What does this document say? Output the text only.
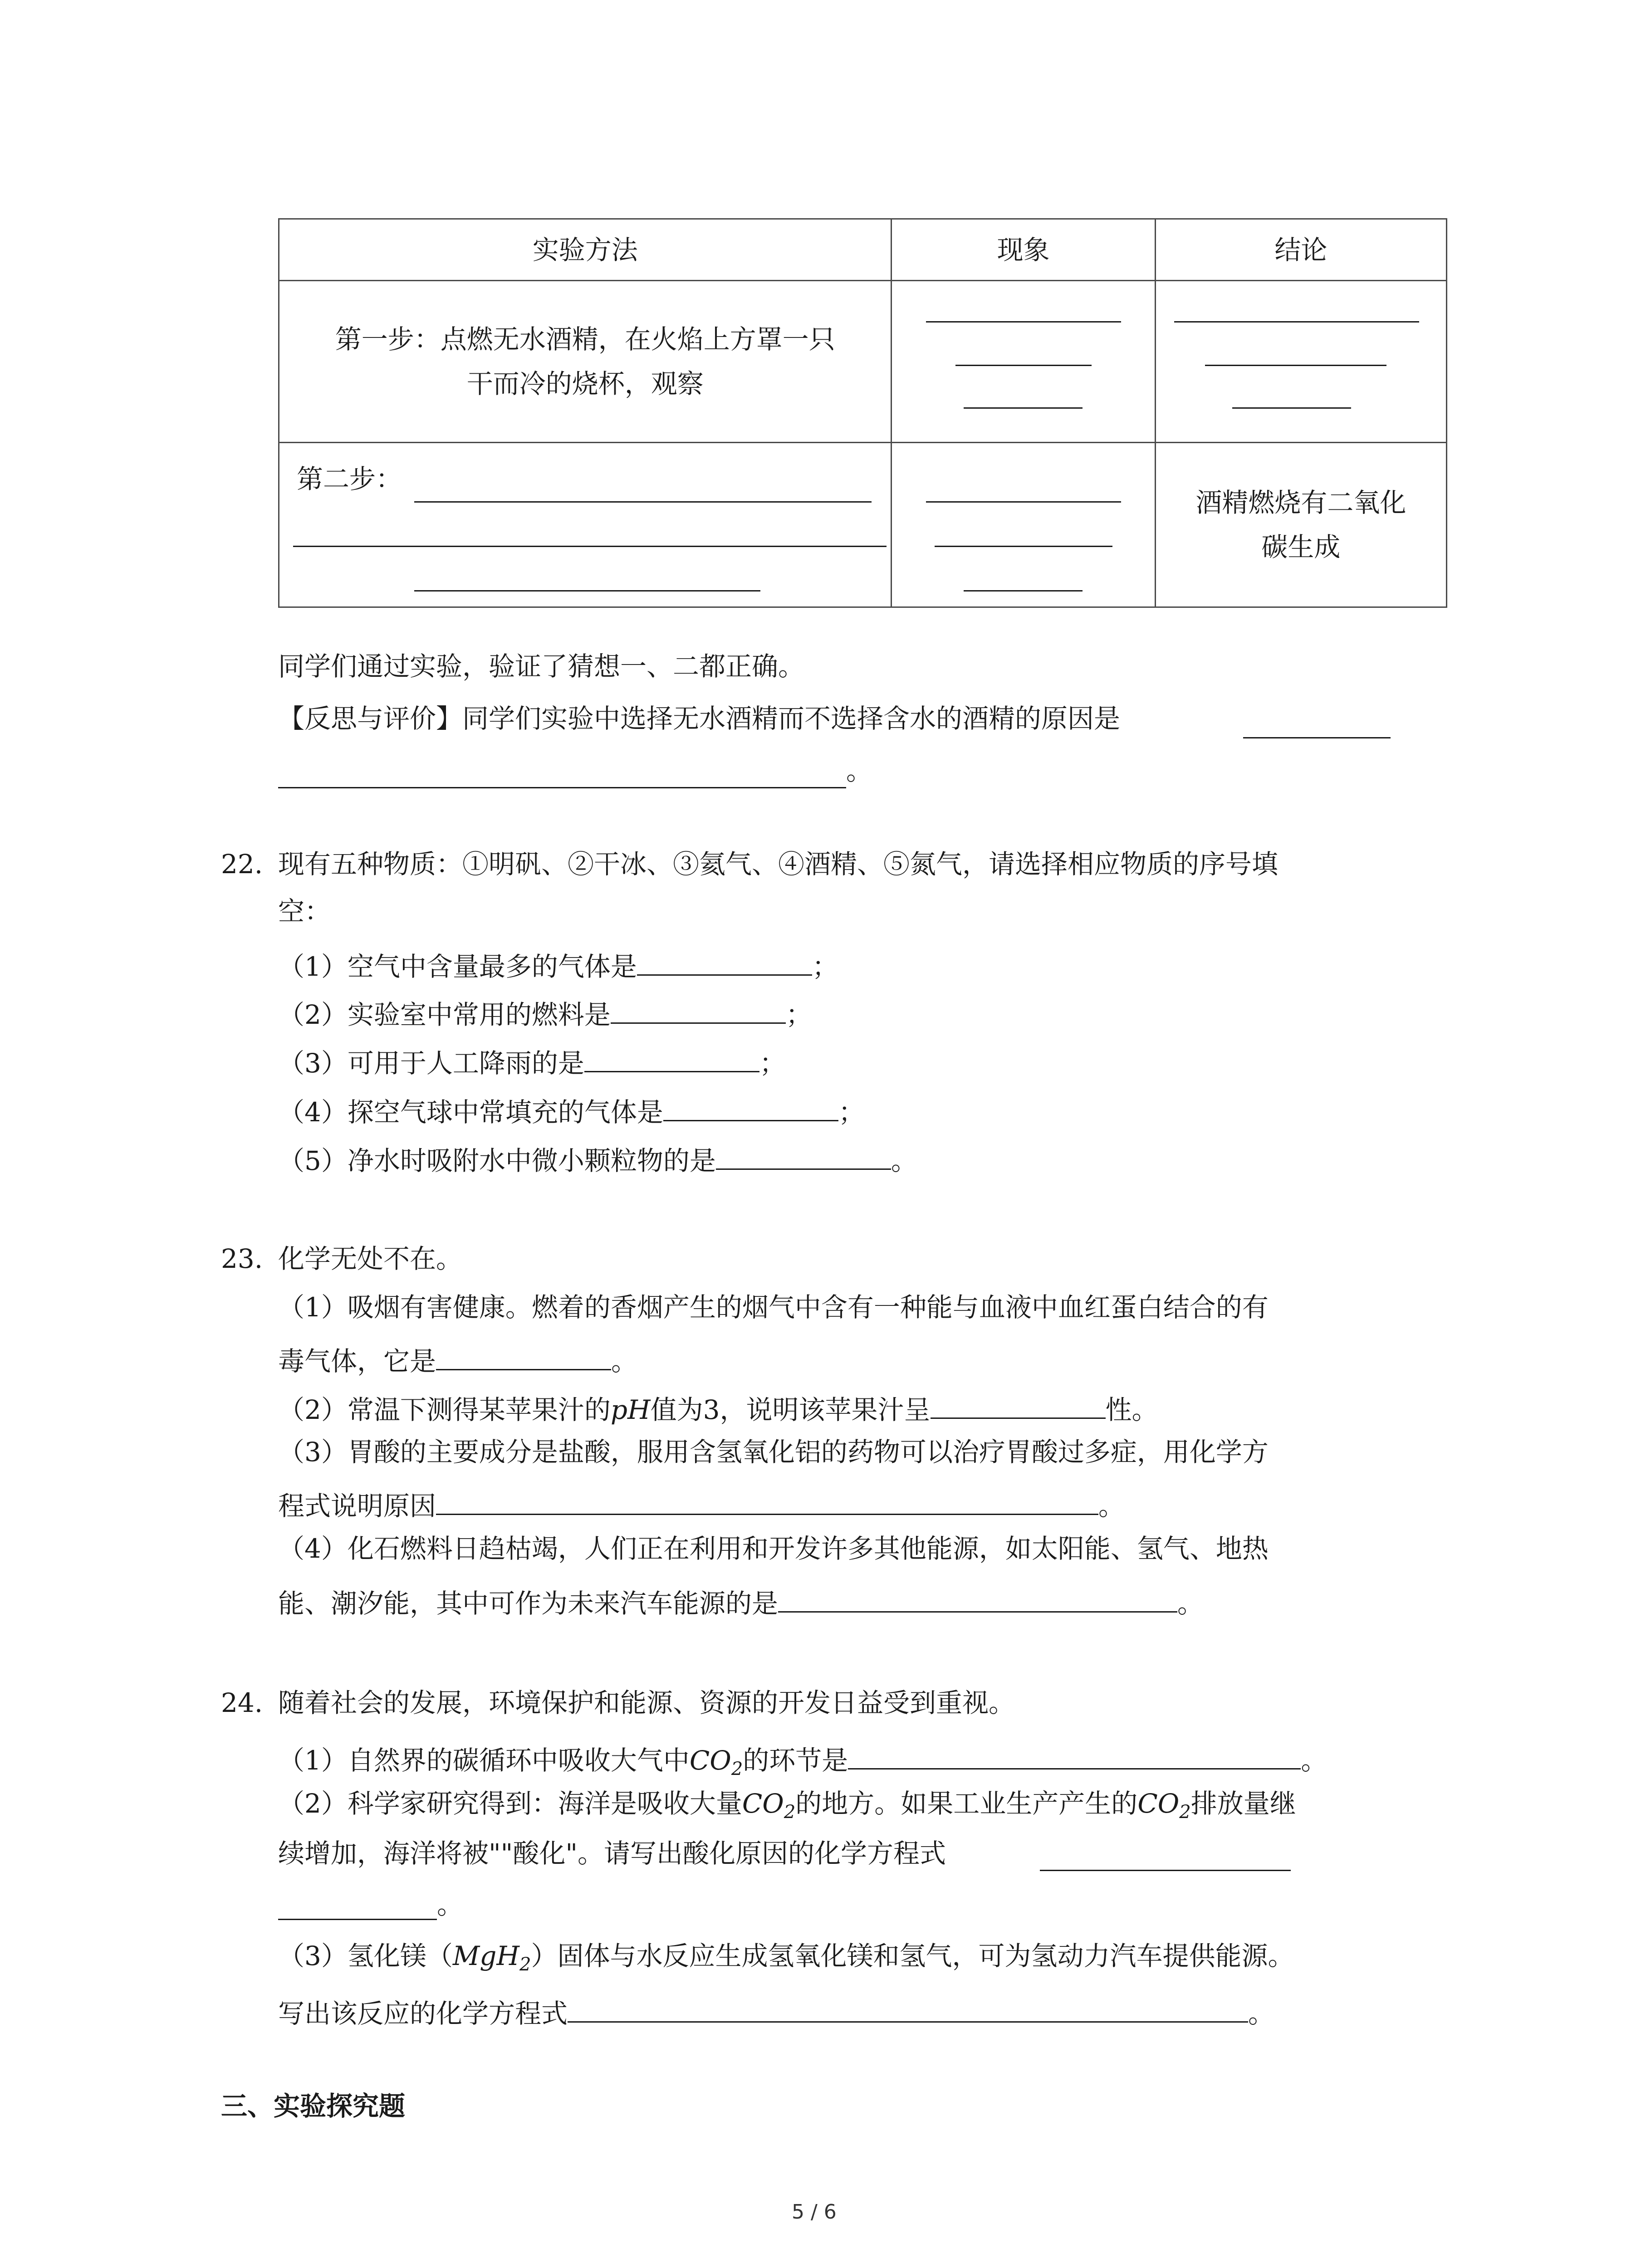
实验方法	现象	结论

第一步：点燃无水酒精，在火焰上方罩一只
干而冷的烧杯，观察		

第二步：		酒精燃烧有二氧化
碳生成
同学们通过实验，验证了猜想一、二都正确。
【反思与评价】同学们实验中选择无水酒精而不选择含水的酒精的原因是
。
22. 现有五种物质：①明矾、②干冰、③氦气、④酒精、⑤氮气，请选择相应物质的序号填
空：
（1）空气中含量最多的气体是	；
（2）实验室中常用的燃料是	；
（3）可用于人工降雨的是	；
（4）探空气球中常填充的气体是	；
（5）净水时吸附水中微小颗粒物的是	。
23. 化学无处不在。
（1）吸烟有害健康。燃着的香烟产生的烟气中含有一种能与血液中血红蛋白结合的有
毒气体，它是	。
（2）常温下测得某苹果汁的pH值为3，说明该苹果汁呈	性。
（3）胃酸的主要成分是盐酸，服用含氢氧化铝的药物可以治疗胃酸过多症，用化学方
程式说明原因	。
（4）化石燃料日趋枯竭，人们正在利用和开发许多其他能源，如太阳能、氢气、地热
能、潮汐能，其中可作为未来汽车能源的是	。
24. 随着社会的发展，环境保护和能源、资源的开发日益受到重视。
（1）自然界的碳循环中吸收大气中$CO_2$的环节是	。
（2）科学家研究得到：海洋是吸收大量$CO_2$的地方。如果工业生产产生的$CO_2$排放量继
续增加，海洋将被""酸化"。请写出酸化原因的化学方程式
。
（3）氢化镁（MgH$_2$）固体与水反应生成氢氧化镁和氢气，可为氢动力汽车提供能源。
写出该反应的化学方程式	。
三、实验探究题
5 / 6
